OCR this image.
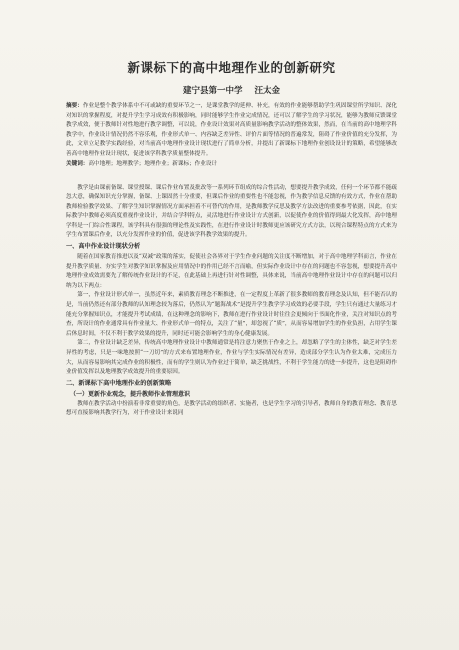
新课标下的高中地理作业的创新研究
建宁县第一中学 汪太金

摘要：作业是整个教学体系中不可或缺的重要环节之一，是课堂教学的延伸、补充，有效的作业能够帮助学生巩固课堂所学知识、深化对知识的掌握程度，对提升学生学习成效有积极影响，同时能够学生作业完成情况，还可以了解学生的学习状况，能够为教师反馈课堂教学成效，便于教师针对性地进行教学调整，可以说，作业设计效果对高质量影响教学活动的整体效果，然而，在当前的高中地理学科教学中，作业设计情况仍然不容乐观，作业形式单一、内容缺乏差异性、评价片面等情况的普遍常发，阻碍了作业价值的充分发挥，为此，文章立足教学实践经验，对当前高中地理作业设计现状进行了简单分析，并提出了新课标下地理作业创设设计的策略，希望能够改善高中地理作业设计现状，促进该学科教学质量整体提升。

关键词：高中地理；地理教学；地理作业；新课标；作业设计

教学是由课前备课、课堂授课、课后作业布置及批改等一系列环节组成的综合性活动，想要提升教学成效，任何一个环节都不能疏忽大意，确保知识充分掌握，备课、上课固然十分重要，但课后作业的重要性也不能忽视，作为教学信息反馈的有效方式，作业在帮助教师检验教学效果、了解学生知识掌握情况方面承担着不可替代的作用，是教师教学反思及教学方法改进的重要参考依据，因此，在实际教学中教师必须高度重视作业设计，并结合学科特点，灵活地进行作业设计方式创新，以促使作业的价值得到最大化发挥，高中地理学科是一门综合性课程，该学科具有很强的理论性及实践性，在进行作业设计时教师更应该研究方式方法，以现合课程特点的方式来为学生布置课后作业，以充分发挥作业的价值，促进该学科教学效果的提升。

一、高中作业设计现状分析

随着在国家教育推进以及“双减”政策的落实，促使社会各界对于学生作业问题的关注度不断增加，对于高中地理学科而言，作业在提升教学质量、夯实学生对教学知识掌握及应用情况中的作用已经不言而喻，但实际作业设计中存在的问题也不容忽视，想要提升高中地理作业成效需要先了解传统作业设计的不足，在此基础上再进行针对性调整，具体来说，当前高中地理作业设计中存在的问题可以归纳为以下两点：

第一，作业设计形式单一，虽然近年来，素质教育理念不断推进，在一定程度上革新了很多教师的教育理念及认知，但不能否认的是，当前仍然还有部分教师的认知理念较为落后，仍然认为“题海战术”是提升学生教学学习成效的必要手段，学生只有通过大量练习才能充分掌握知识点，才能提升考试成绩，在这种理念的影响下，教师在进行作业设计时往往会更倾向于书面化作业，关注对知识点的考查，所设计的作业通常具有作业量大、作业形式单一的特点，关注了“量”，却忽视了“质”，从而容易增加学生的作业负担，占用学生课后休息时间，不仅不利于教学效果的提升，同时还可能会影响学生的身心健康发展。

第二，作业设计缺乏差异，传统高中地理作业设计中教师通常是将注意力聚焦于作业之上，却忽略了学生的主体性，缺乏对学生差异性的考虑，只是一味地按照“一刀切”的方式来布置地理作业，作业与学生实际情况有差异，造成部分学生认为作业太难，完成压力大，从而容易影响其完成作业的积极性，而有的学生则认为作业过于简单，缺乏挑战性，不利于学生能力的进一步提升，这也是阻碍作业价值发挥以及地理教学成效提升的重要原因。

二、新课标下高中地理作业的创新策略
（一）更新作业观念，提升教师作业管理意识

教师在教学活动中扮演着非常重要的角色，是教学活动的组织者、实施者，也是学生学习的引导者，教师自身的教育理念、教育思想可直接影响其教学行为，对于作业设计来说同
